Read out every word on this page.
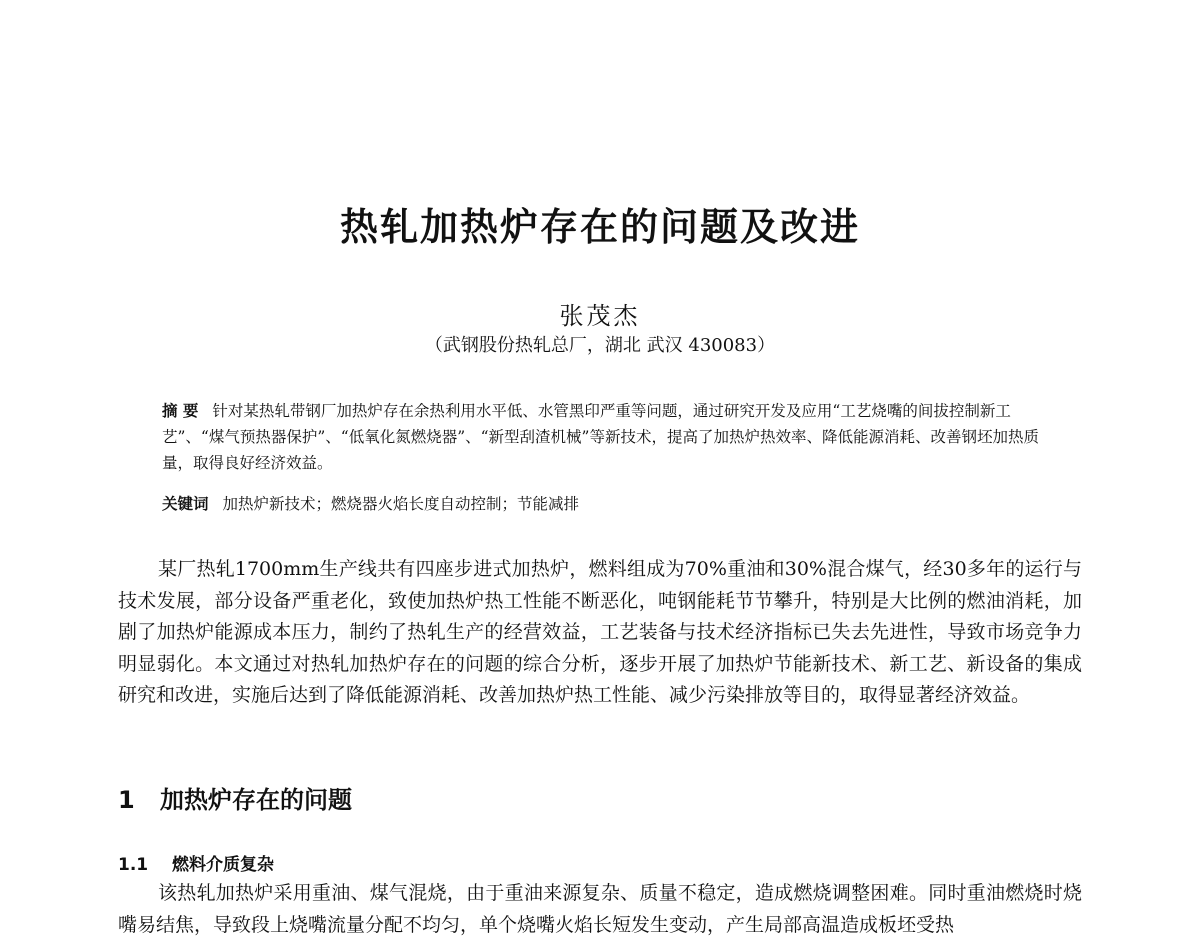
热轧加热炉存在的问题及改进
张茂杰
（武钢股份热轧总厂，湖北 武汉 430083）

摘 要 针对某热轧带钢厂加热炉存在余热利用水平低、水管黑印严重等问题，通过研究开发及应用“工艺烧嘴的间拔控制新工艺”、“煤气预热器保护”、“低氧化氮燃烧器”、“新型刮渣机械”等新技术，提高了加热炉热效率、降低能源消耗、改善钢坯加热质量，取得良好经济效益。

关键词 加热炉新技术；燃烧器火焰长度自动控制；节能减排

某厂热轧1700mm生产线共有四座步进式加热炉，燃料组成为70%重油和30%混合煤气，经30多年的运行与技术发展，部分设备严重老化，致使加热炉热工性能不断恶化，吨钢能耗节节攀升，特别是大比例的燃油消耗，加剧了加热炉能源成本压力，制约了热轧生产的经营效益，工艺装备与技术经济指标已失去先进性，导致市场竞争力明显弱化。本文通过对热轧加热炉存在的问题的综合分析，逐步开展了加热炉节能新技术、新工艺、新设备的集成研究和改进，实施后达到了降低能源消耗、改善加热炉热工性能、减少污染排放等目的，取得显著经济效益。

1 加热炉存在的问题
1.1 燃料介质复杂

该热轧加热炉采用重油、煤气混烧，由于重油来源复杂、质量不稳定，造成燃烧调整困难。同时重油燃烧时烧嘴易结焦，导致段上烧嘴流量分配不均匀，单个烧嘴火焰长短发生变动，产生局部高温造成板坯受热
